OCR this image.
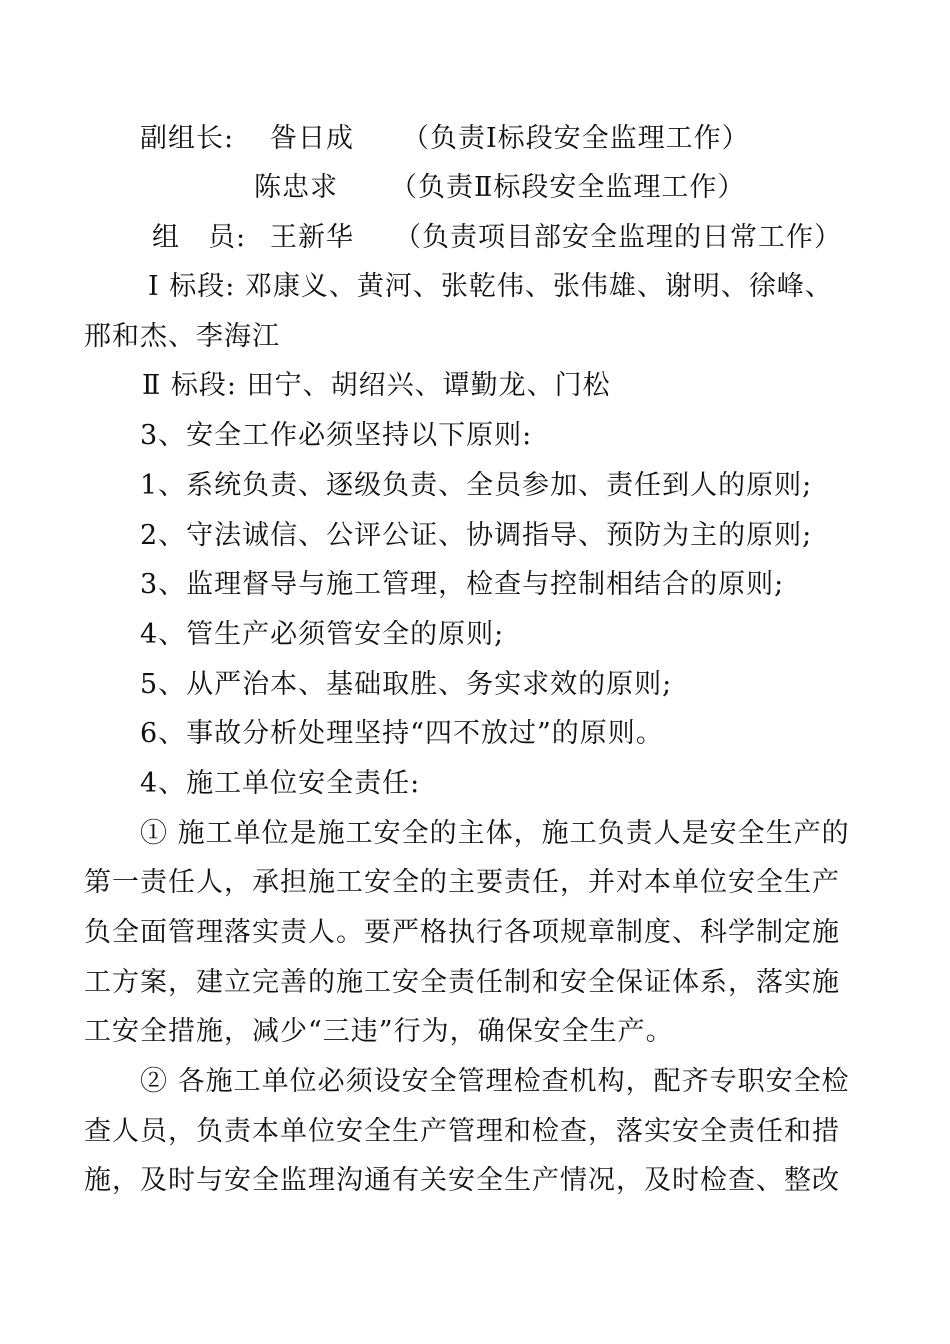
副组长: 昝日成 （负责Ⅰ标段安全监理工作）
陈忠求 （负责Ⅱ标段安全监理工作）
组　员: 王新华 （负责项目部安全监理的日常工作）
Ⅰ 标段: 邓康义、黄河、张乾伟、张伟雄、谢明、徐峰、
邢和杰、李海江
Ⅱ 标段: 田宁、胡绍兴、谭勤龙、门松
3、安全工作必须坚持以下原则:
1、系统负责、逐级负责、全员参加、责任到人的原则;
2、守法诚信、公评公证、协调指导、预防为主的原则;
3、监理督导与施工管理，检查与控制相结合的原则;
4、管生产必须管安全的原则;
5、从严治本、基础取胜、务实求效的原则;
6、事故分析处理坚持“四不放过”的原则。
4、施工单位安全责任:
① 施工单位是施工安全的主体，施工负责人是安全生产的
第一责任人，承担施工安全的主要责任，并对本单位安全生产
负全面管理落实责人。要严格执行各项规章制度、科学制定施
工方案，建立完善的施工安全责任制和安全保证体系，落实施
工安全措施，减少“三违”行为，确保安全生产。
② 各施工单位必须设安全管理检查机构，配齐专职安全检
查人员，负责本单位安全生产管理和检查，落实安全责任和措
施，及时与安全监理沟通有关安全生产情况，及时检查、整改
